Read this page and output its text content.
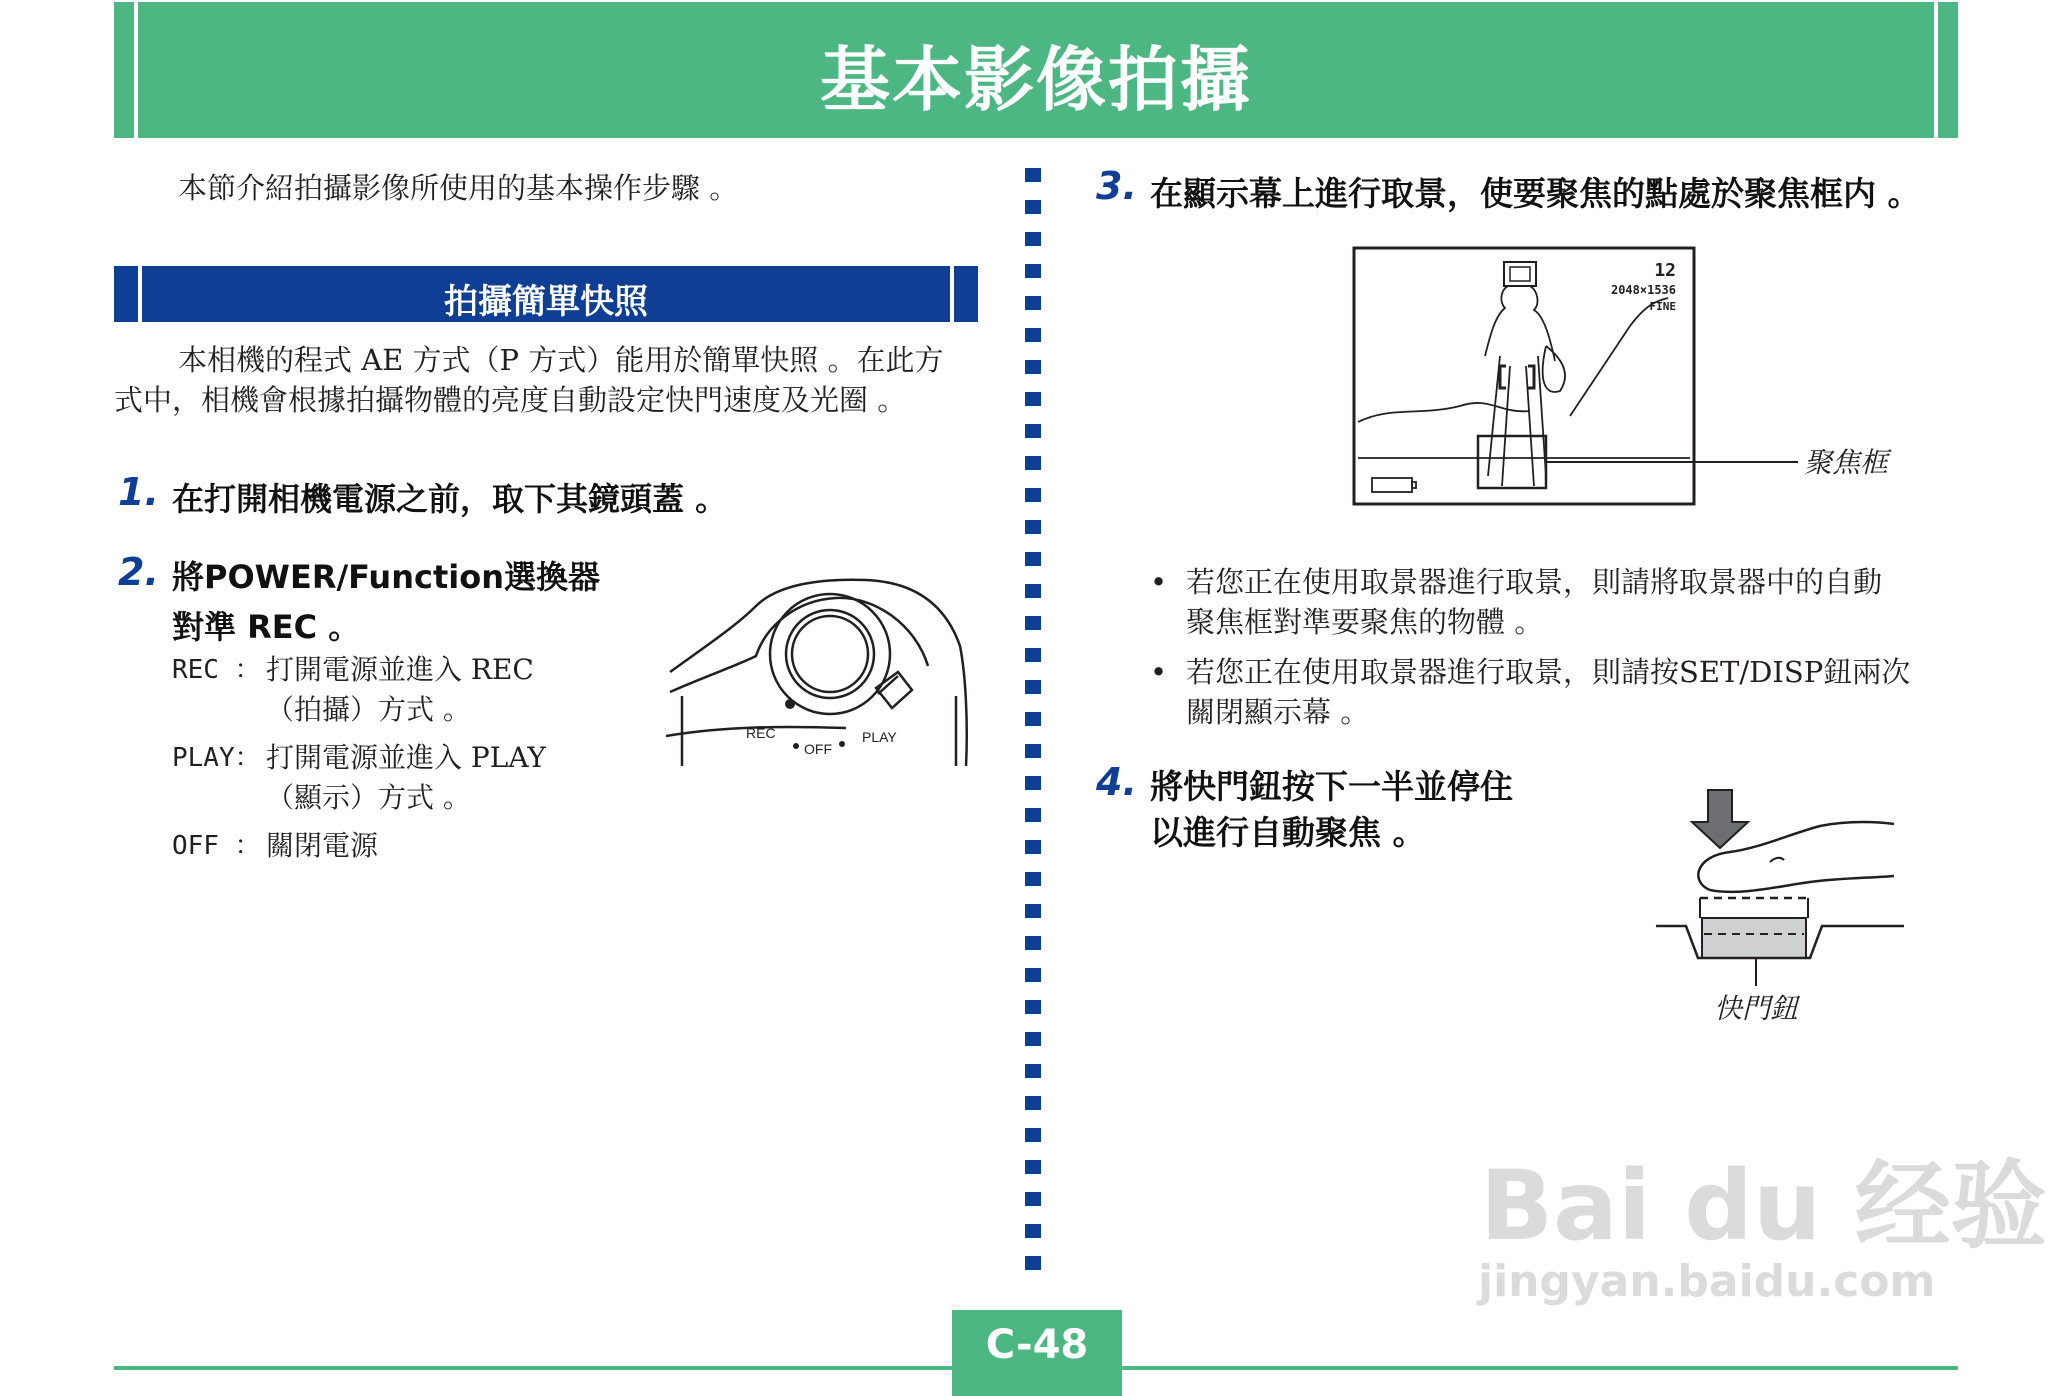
基本影像拍攝
本節介紹拍攝影像所使用的基本操作步驟 。
拍攝簡單快照
本相機的程式 AE 方式（P 方式）能用於簡單快照 。在此方
式中，相機會根據拍攝物體的亮度自動設定快門速度及光圈 。
1. 在打開相機電源之前，取下其鏡頭蓋 。
2. 將POWER/Function選換器
對準 REC 。
REC ： 打開電源並進入 REC
（拍攝）方式 。
PLAY： 打開電源並進入 PLAY
（顯示）方式 。
OFF ： 關閉電源
REC
OFF
PLAY
3. 在顯示幕上進行取景，使要聚焦的點處於聚焦框内 。
12
2048×1536
FINE
聚焦框
• 若您正在使用取景器進行取景，則請將取景器中的自動
聚焦框對準要聚焦的物體 。
• 若您正在使用取景器進行取景，則請按SET/DISP鈕兩次
關閉顯示幕 。
4. 將快門鈕按下一半並停住
以進行自動聚焦 。
快門鈕
Bai du 经验
jingyan.baidu.com
C-48
